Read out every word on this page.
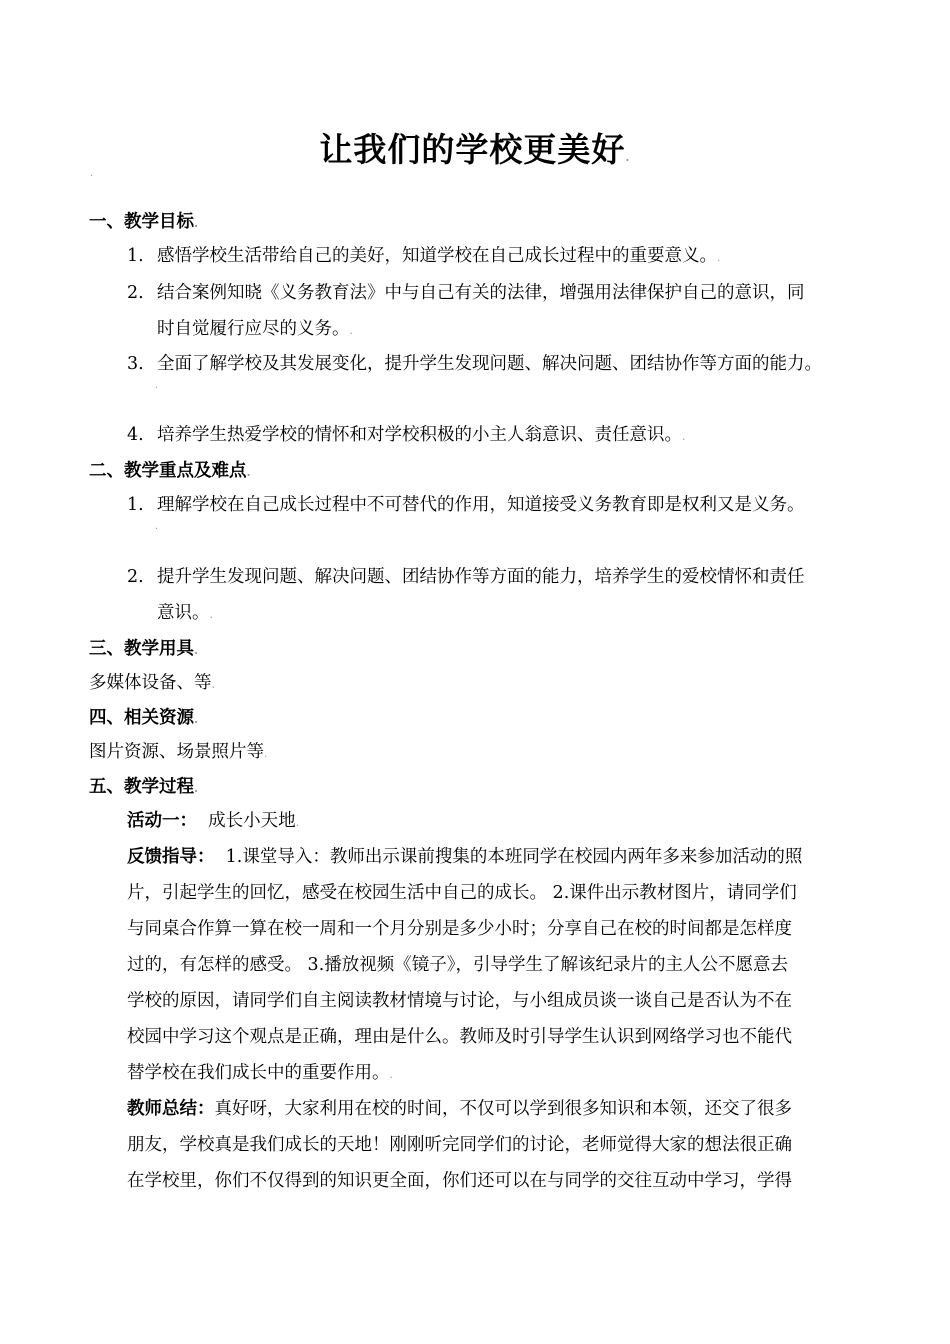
让我们的学校更美好.
·
一、教学目标.
1. 感悟学校生活带给自己的美好，知道学校在自己成长过程中的重要意义。.
2. 结合案例知晓《义务教育法》中与自己有关的法律，增强用法律保护自己的意识，同
时自觉履行应尽的义务。.
3. 全面了解学校及其发展变化，提升学生发现问题、解决问题、团结协作等方面的能力。
·
4. 培养学生热爱学校的情怀和对学校积极的小主人翁意识、责任意识。.
二、教学重点及难点.
1. 理解学校在自己成长过程中不可替代的作用，知道接受义务教育即是权利又是义务。
·
2. 提升学生发现问题、解决问题、团结协作等方面的能力，培养学生的爱校情怀和责任
意识。.
三、教学用具.
多媒体设备、等.
四、相关资源.
图片资源、场景照片等.
五、教学过程.
活动一： 成长小天地.
反馈指导： 1.课堂导入：教师出示课前搜集的本班同学在校园内两年多来参加活动的照
片，引起学生的回忆，感受在校园生活中自己的成长。 2.课件出示教材图片，请同学们
与同桌合作算一算在校一周和一个月分别是多少小时；分享自己在校的时间都是怎样度
过的，有怎样的感受。 3.播放视频《镜子》，引导学生了解该纪录片的主人公不愿意去
学校的原因，请同学们自主阅读教材情境与讨论，与小组成员谈一谈自己是否认为不在
校园中学习这个观点是正确，理由是什么。教师及时引导学生认识到网络学习也不能代
替学校在我们成长中的重要作用。.
教师总结：真好呀，大家利用在校的时间，不仅可以学到很多知识和本领，还交了很多
朋友，学校真是我们成长的天地！刚刚听完同学们的讨论，老师觉得大家的想法很正确
在学校里，你们不仅得到的知识更全面，你们还可以在与同学的交往互动中学习，学得
